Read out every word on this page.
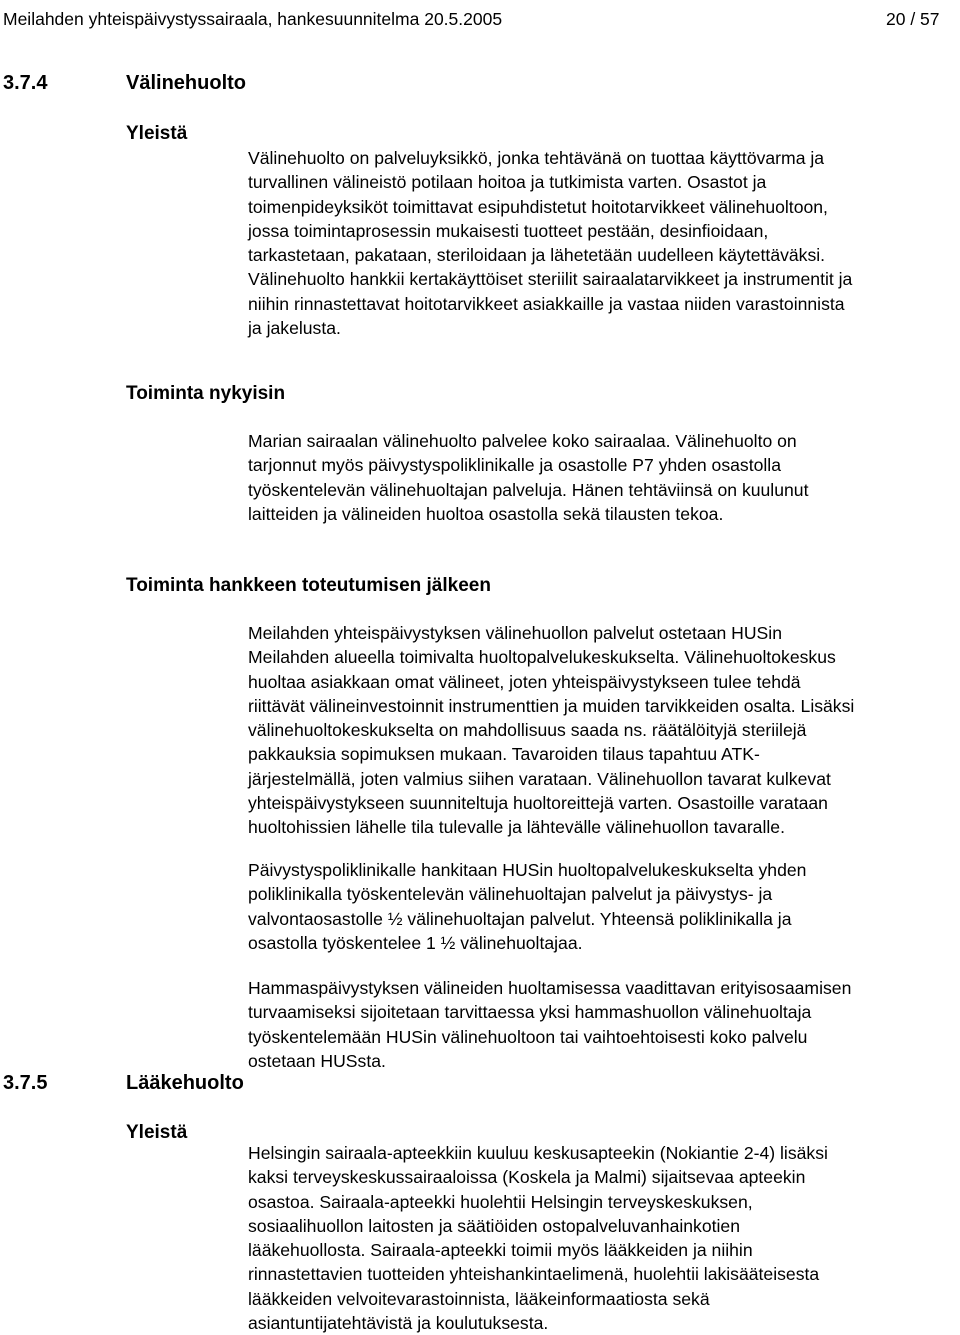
Meilahden yhteispäivystyssairaala, hankesuunnitelma 20.5.2005	20 / 57
3.7.4	Välinehuolto
Yleistä
Välinehuolto on palveluyksikkö, jonka tehtävänä on tuottaa käyttövarma ja
turvallinen välineistö potilaan hoitoa ja tutkimista varten. Osastot ja
toimenpideyksiköt toimittavat esipuhdistetut hoitotarvikkeet välinehuoltoon,
jossa toimintaprosessin mukaisesti tuotteet pestään, desinfioidaan,
tarkastetaan, pakataan, steriloidaan ja lähetetään uudelleen käytettäväksi.
Välinehuolto hankkii kertakäyttöiset steriilit sairaalatarvikkeet ja instrumentit ja
niihin rinnastettavat hoitotarvikkeet asiakkaille ja vastaa niiden varastoinnista
ja jakelusta.
Toiminta nykyisin
Marian sairaalan välinehuolto palvelee koko sairaalaa. Välinehuolto on
tarjonnut myös päivystyspoliklinikalle ja osastolle P7 yhden osastolla
työskentelevän välinehuoltajan palveluja. Hänen tehtäviinsä on kuulunut
laitteiden ja välineiden huoltoa osastolla sekä tilausten tekoa.
Toiminta hankkeen toteutumisen jälkeen
Meilahden yhteispäivystyksen välinehuollon palvelut ostetaan HUSin
Meilahden alueella toimivalta huoltopalvelukeskukselta. Välinehuoltokeskus
huoltaa asiakkaan omat välineet, joten yhteispäivystykseen tulee tehdä
riittävät välineinvestoinnit instrumenttien ja muiden tarvikkeiden osalta. Lisäksi
välinehuoltokeskukselta on mahdollisuus saada ns. räätälöityjä steriilejä
pakkauksia sopimuksen mukaan. Tavaroiden tilaus tapahtuu ATK-
järjestelmällä, joten valmius siihen varataan. Välinehuollon tavarat kulkevat
yhteispäivystykseen suunniteltuja huoltoreittejä varten. Osastoille varataan
huoltohissien lähelle tila tulevalle ja lähtevälle välinehuollon tavaralle.
Päivystyspoliklinikalle hankitaan HUSin huoltopalvelukeskukselta yhden
poliklinikalla työskentelevän välinehuoltajan palvelut ja päivystys- ja
valvontaosastolle ½ välinehuoltajan palvelut. Yhteensä poliklinikalla ja
osastolla työskentelee 1 ½ välinehuoltajaa.
Hammaspäivystyksen välineiden huoltamisessa vaadittavan erityisosaamisen
turvaamiseksi sijoitetaan tarvittaessa yksi hammashuollon välinehuoltaja
työskentelemään HUSin välinehuoltoon tai vaihtoehtoisesti koko palvelu
ostetaan HUSsta.
3.7.5	Lääkehuolto
Yleistä
Helsingin sairaala-apteekkiin kuuluu keskusapteekin (Nokiantie 2-4) lisäksi
kaksi terveyskeskussairaaloissa (Koskela ja Malmi) sijaitsevaa apteekin
osastoa. Sairaala-apteekki huolehtii Helsingin terveyskeskuksen,
sosiaalihuollon laitosten ja säätiöiden ostopalveluvanhainkotien
lääkehuollosta. Sairaala-apteekki toimii myös lääkkeiden ja niihin
rinnastettavien tuotteiden yhteishankintaelimenä, huolehtii lakisääteisesta
lääkkeiden velvoitevarastoinnista, lääkeinformaatiosta sekä
asiantuntijatehtävistä ja koulutuksesta.
